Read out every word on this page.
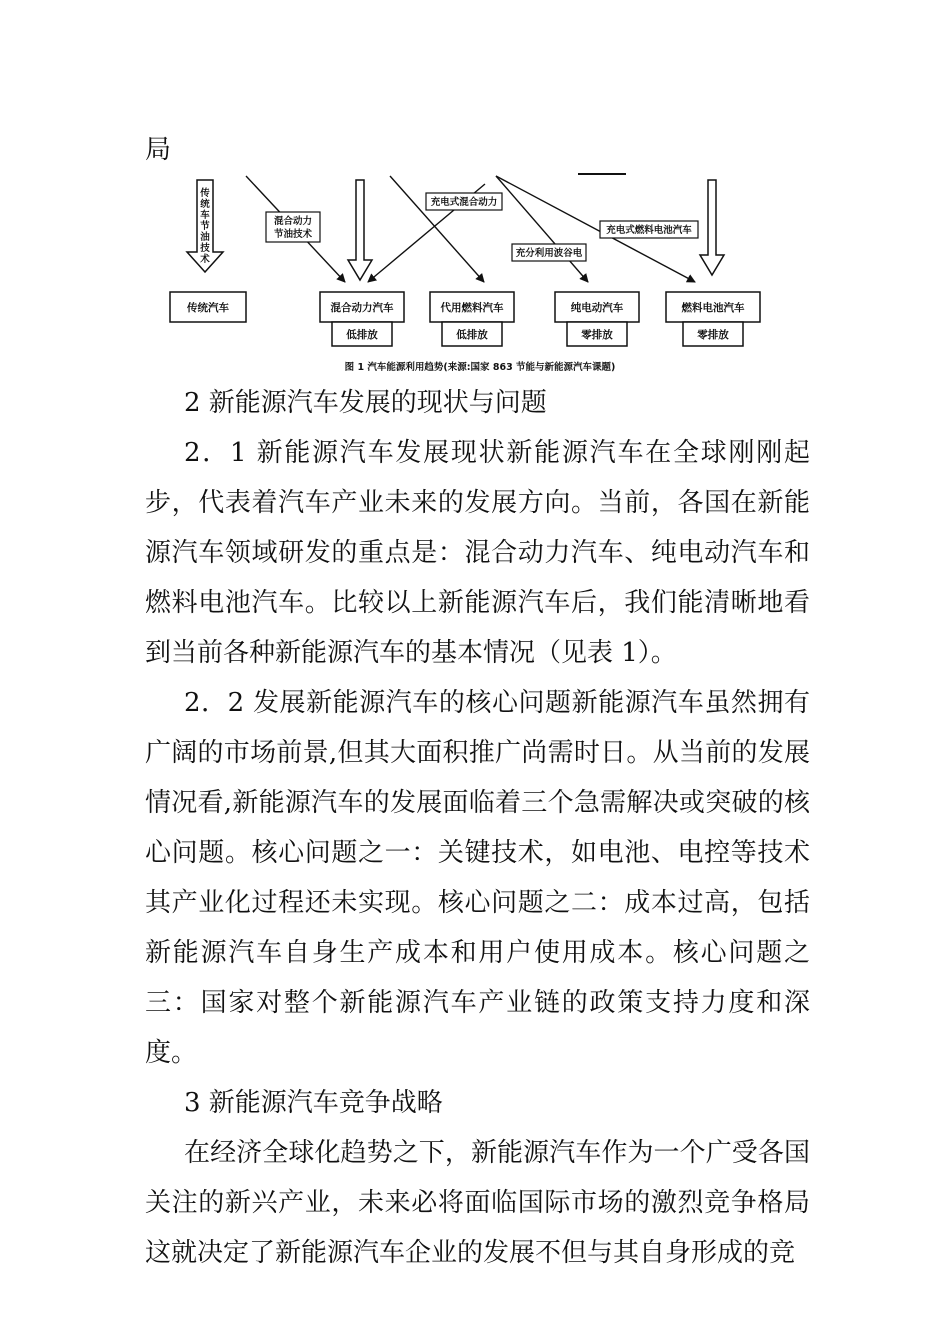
局
传
统
车
节
油
技
术
混合动力
节油技术
充电式混合动力
充分利用波谷电
充电式燃料电池汽车
传统汽车	混合动力汽车
低排放
代用燃料汽车
低排放
纯电动汽车
零排放
燃料电池汽车
零排放
图 1 汽车能源利用趋势(来源:国家 863 节能与新能源汽车课题)

2 新能源汽车发展的现状与问题

2．1 新能源汽车发展现状新能源汽车在全球刚刚起步，代表着汽车产业未来的发展方向。当前，各国在新能源汽车领域研发的重点是：混合动力汽车、纯电动汽车和燃料电池汽车。比较以上新能源汽车后，我们能清晰地看到当前各种新能源汽车的基本情况（见表 1）。

2．2 发展新能源汽车的核心问题新能源汽车虽然拥有广阔的市场前景,但其大面积推广尚需时日。从当前的发展情况看,新能源汽车的发展面临着三个急需解决或突破的核心问题。核心问题之一：关键技术，如电池、电控等技术其产业化过程还未实现。核心问题之二：成本过高，包括新能源汽车自身生产成本和用户使用成本。核心问题之三：国家对整个新能源汽车产业链的政策支持力度和深度。

3 新能源汽车竞争战略

在经济全球化趋势之下，新能源汽车作为一个广受各国关注的新兴产业，未来必将面临国际市场的激烈竞争格局这就决定了新能源汽车企业的发展不但与其自身形成的竞
